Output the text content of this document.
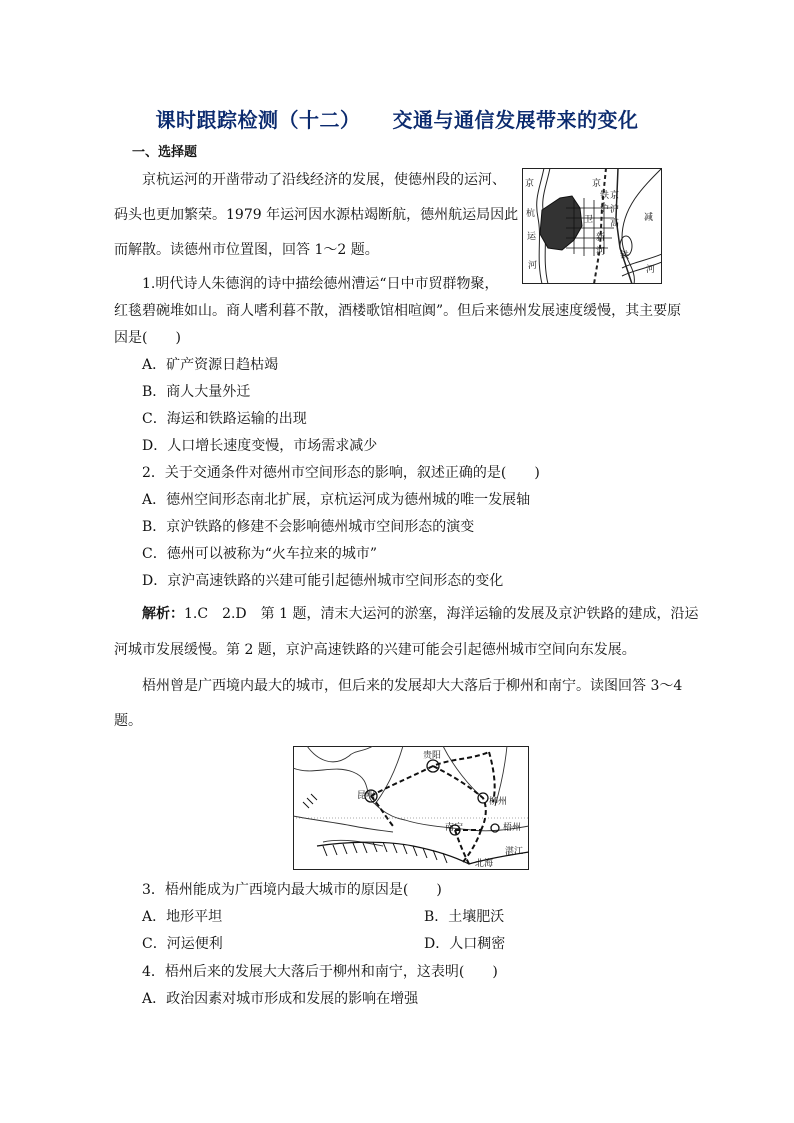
课时跟踪检测（十二） 交通与通信发展带来的变化
一、选择题
京杭运河的开凿带动了沿线经济的发展，使德州段的运河、
码头也更加繁荣。1979 年运河因水源枯竭断航，德州航运局因此
而解散。读德州市位置图，回答 1～2 题。
京
杭
运
河
京
沪
高
铁
京
沪
铁
卫
新
河
减
河
1.明代诗人朱德润的诗中描绘德州漕运“日中市贸群物聚，
红毯碧碗堆如山。商人嗜利暮不散，酒楼歌馆相喧阗”。但后来德州发展速度缓慢，其主要原
因是(　　)
A．矿产资源日趋枯竭
B．商人大量外迁
C．海运和铁路运输的出现
D．人口增长速度变慢，市场需求减少
2．关于交通条件对德州市空间形态的影响，叙述正确的是(　　)
A．德州空间形态南北扩展，京杭运河成为德州城的唯一发展轴
B．京沪铁路的修建不会影响德州城市空间形态的演变
C．德州可以被称为“火车拉来的城市”
D．京沪高速铁路的兴建可能引起德州城市空间形态的变化
解析：1.C　2.D　第 1 题，清末大运河的淤塞，海洋运输的发展及京沪铁路的建成，沿运
河城市发展缓慢。第 2 题，京沪高速铁路的兴建可能会引起德州城市空间向东发展。
梧州曾是广西境内最大的城市，但后来的发展却大大落后于柳州和南宁。读图回答 3～4
题。
贵阳
昆明
柳州
南宁	梧州
湛江
北海
3．梧州能成为广西境内最大城市的原因是(　　)
A．地形平坦	B．土壤肥沃
C．河运便利	D．人口稠密
4．梧州后来的发展大大落后于柳州和南宁，这表明(　　)
A．政治因素对城市形成和发展的影响在增强
